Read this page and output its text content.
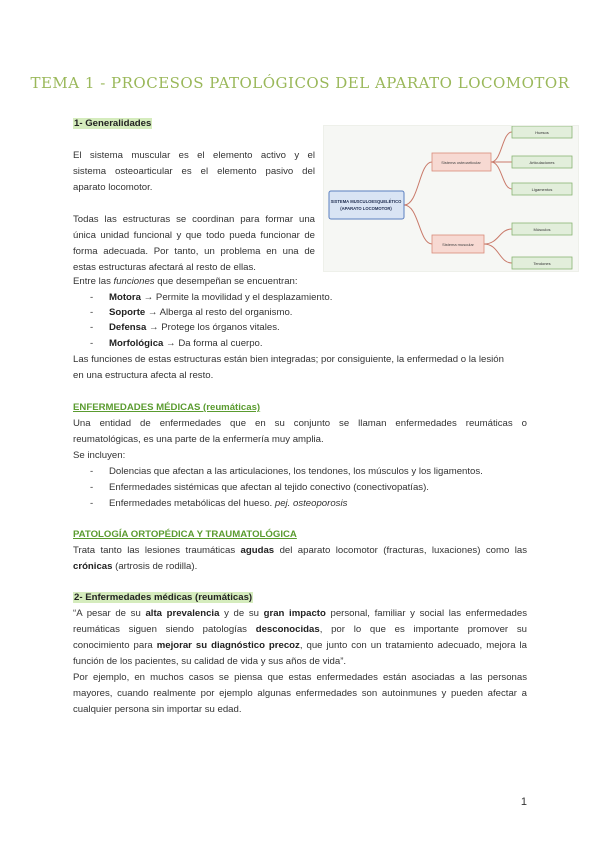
TEMA 1 - PROCESOS PATOLÓGICOS DEL APARATO LOCOMOTOR
1- Generalidades
El sistema muscular es el elemento activo y el
sistema osteoarticular es el elemento pasivo del
aparato locomotor.
Todas las estructuras se coordinan para formar una
única unidad funcional y que todo pueda funcionar de
forma adecuada. Por tanto, un problema en una de
estas estructuras afectará al resto de ellas.
Entre las funciones que desempeñan se encuentran:
- Motora → Permite la movilidad y el desplazamiento.
- Soporte → Alberga al resto del organismo.
- Defensa → Protege los órganos vitales.
- Morfológica → Da forma al cuerpo.
Las funciones de estas estructuras están bien integradas; por consiguiente, la enfermedad o la lesión
en una estructura afecta al resto.
SISTEMA MUSCULOESQUELÉTICO
(APARATO LOCOMOTOR)
Sistema osteoarticular
Sistema muscular
Huesos
Articulaciones
Ligamentos
Músculos
Tendones
ENFERMEDADES MÉDICAS (reumáticas)
Una entidad de enfermedades que en su conjunto se llaman enfermedades reumáticas o
reumatológicas, es una parte de la enfermería muy amplia.
Se incluyen:
- Dolencias que afectan a las articulaciones, los tendones, los músculos y los ligamentos.
- Enfermedades sistémicas que afectan al tejido conectivo (conectivopatías).
- Enfermedades metabólicas del hueso. pej. osteoporosis
PATOLOGÍA ORTOPÉDICA Y TRAUMATOLÓGICA
Trata tanto las lesiones traumáticas agudas del aparato locomotor (fracturas, luxaciones) como las
crónicas (artrosis de rodilla).
2- Enfermedades médicas (reumáticas)
“A pesar de su alta prevalencia y de su gran impacto personal, familiar y social las enfermedades
reumáticas siguen siendo patologías desconocidas, por lo que es importante promover su
conocimiento para mejorar su diagnóstico precoz, que junto con un tratamiento adecuado, mejora la
función de los pacientes, su calidad de vida y sus años de vida”.
Por ejemplo, en muchos casos se piensa que estas enfermedades están asociadas a las personas
mayores, cuando realmente por ejemplo algunas enfermedades son autoinmunes y pueden afectar a
cualquier persona sin importar su edad.
1
